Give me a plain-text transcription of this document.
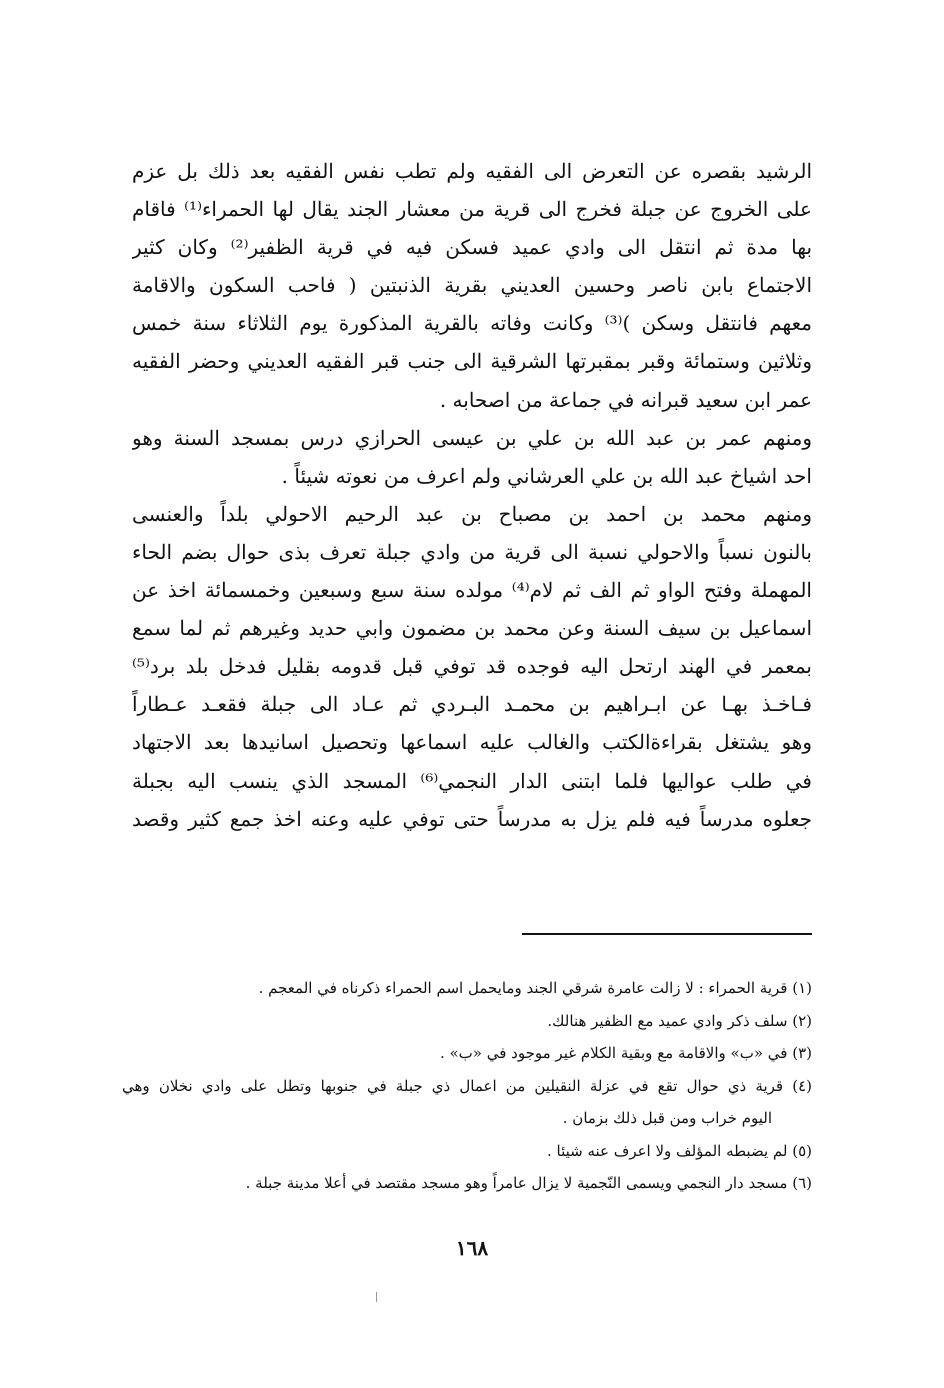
الرشيد بقصره عن التعرض الى الفقيه ولم تطب نفس الفقيه بعد ذلك بل عزم
على الخروج عن جبلة فخرج الى قرية من معشار الجند يقال لها الحمراء⁽¹⁾ فاقام
بها مدة ثم انتقل الى وادي عميد فسكن فيه في قرية الظفير⁽²⁾ وكان كثير
الاجتماع بابن ناصر وحسين العديني بقرية الذنبتين ( فاحب السكون والاقامة
معهم فانتقل وسكن )⁽³⁾ وكانت وفاته بالقرية المذكورة يوم الثلاثاء سنة خمس
وثلاثين وستمائة وقبر بمقبرتها الشرقية الى جنب قبر الفقيه العديني وحضر الفقيه
عمر ابن سعيد قبرانه في جماعة من اصحابه .
ومنهم عمر بن عبد الله بن علي بن عيسى الحرازي درس بمسجد السنة وهو
احد اشياخ عبد الله بن علي العرشاني ولم اعرف من نعوته شيئاً .
ومنهم محمد بن احمد بن مصباح بن عبد الرحيم الاحولي بلداً والعنسى
بالنون نسباً والاحولي نسبة الى قرية من وادي جبلة تعرف بذى حوال بضم الحاء
المهملة وفتح الواو ثم الف ثم لام⁽⁴⁾ مولده سنة سبع وسبعين وخمسمائة اخذ عن
اسماعيل بن سيف السنة وعن محمد بن مضمون وابي حديد وغيرهم ثم لما سمع
بمعمر في الهند ارتحل اليه فوجده قد توفي قبل قدومه بقليل فدخل بلد برد⁽⁵⁾
فـاخـذ بهـا عن ابـراهيم بن محمـد البـردي ثم عـاد الى جبلة فقعـد عـطاراً
وهو يشتغل بقراءةالكتب والغالب عليه اسماعها وتحصيل اسانيدها بعد الاجتهاد
في طلب عواليها فلما ابتنى الدار النجمي⁽⁶⁾ المسجد الذي ينسب اليه بجبلة
جعلوه مدرساً فيه فلم يزل به مدرساً حتى توفي عليه وعنه اخذ جمع كثير وقصد
(١) قرية الحمراء : لا زالت عامرة شرقي الجند ومايحمل اسم الحمراء ذكرناه في المعجم .
(٢) سلف ذكر وادي عميد مع الظفير هنالك.
(٣) في «ب» والاقامة مع وبقية الكلام غير موجود في «ب» .
(٤) قرية ذي حوال تقع في عزلة النقيلين من اعمال ذي جبلة في جنوبها وتطل على وادي نخلان وهي
اليوم خراب ومن قبل ذلك بزمان .
(٥) لم يضبطه المؤلف ولا اعرف عنه شيئا .
(٦) مسجد دار النجمي ويسمى النّجمية لا يزال عامراً وهو مسجد مقتصد في أعلا مدينة جبلة .
١٦٨
